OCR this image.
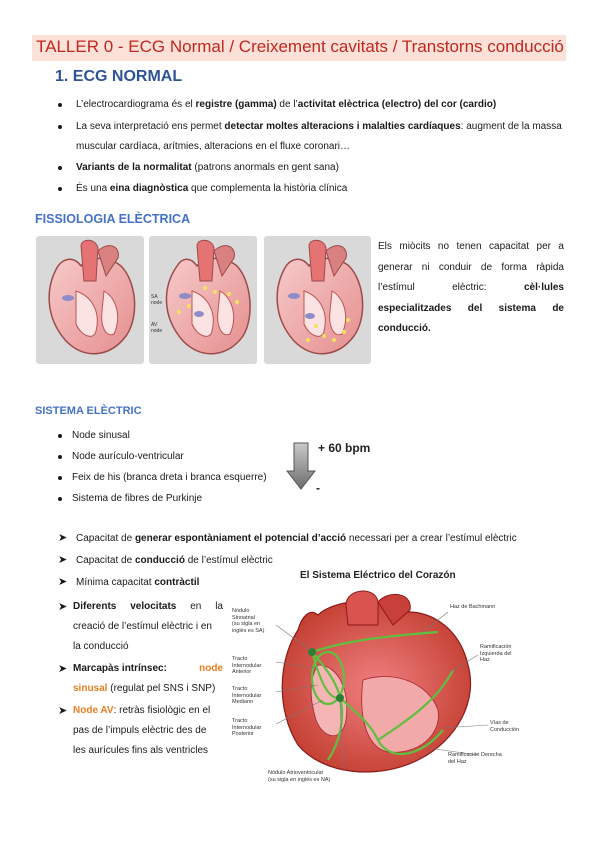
TALLER 0 - ECG Normal / Creixement cavitats / Transtorns conducció
1. ECG NORMAL
L’electrocardiograma és el registre (gamma) de l’activitat elèctrica (electro) del cor (cardio)
La seva interpretació ens permet detectar moltes alteracions i malalties cardíaques: augment de la massa
muscular cardíaca, arítmies, alteracions en el fluxe coronari…
Variants de la normalitat (patrons anormals en gent sana)
És una eina diagnòstica que complementa la història clínica
FISSIOLOGIA ELÈCTRICA
SA
node
AV
node
Els miòcits no tenen capacitat per a generar ni conduir de forma ràpida l’estímul elèctric: cèl·lules especialitzades del sistema de conducció.
SISTEMA ELÈCTRIC
Node sinusal
Node aurículo-ventricular
Feix de his (branca dreta i branca esquerre)
Sistema de fibres de Purkinje
+ 60 bpm
-
➤ Capacitat de generar espontàniament el potencial d’acció necessari per a crear l’estímul elèctric
➤ Capacitat de conducció de l’estímul elèctric
➤ Mínima capacitat contràctil
➤ Diferents velocitats en la
creació de l’estímul elèctric i en
la conducció
➤ Marcapàs intrínsec:	node
sinusal (regulat pel SNS i SNP)
➤ Node AV: retràs fisiològic en el
pas de l’impuls elèctric des de
les aurícules fins als ventricles
El Sistema Eléctrico del Corazón
Nódulo
Sinoatrial
(su sigla en
inglés es SA)
Tracto
Internodular
Anterior
Tracto
Internodular
Mediano
Tracto
Internodular
Posterior
Haz de Bachmann
Ramificación
Izquierda del
Haz
Vías de
Conducción
Ramificación Derecha
del Haz
Nódulo Atrioventricular
(su sigla en inglés es NA)
